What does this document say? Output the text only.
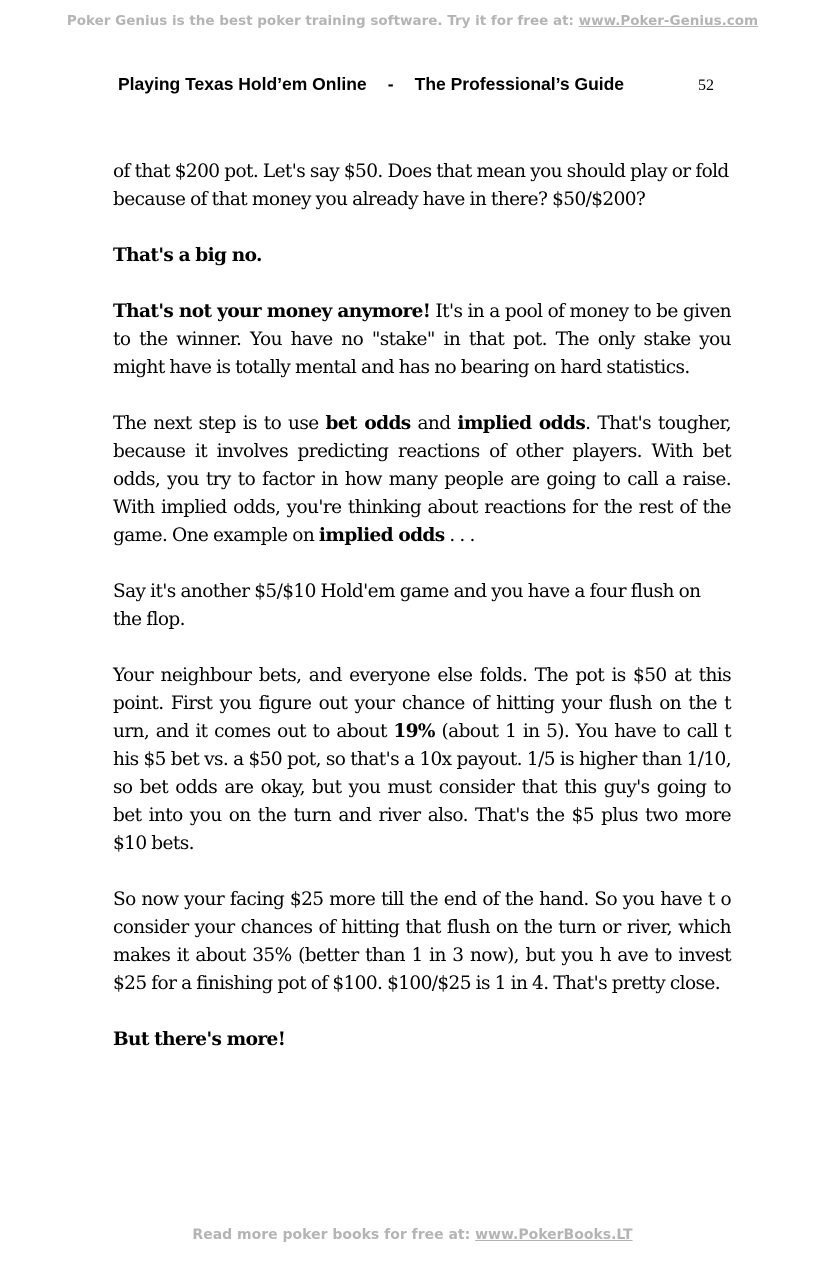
Poker Genius is the best poker training software. Try it for free at: www.Poker-Genius.com
Playing Texas Hold’em Online - The Professional’s Guide	52

of that $200 pot. Let's say $50. Does that mean you should play or fold because of that money you already have in there? $50/$200?

That's a big no.

That's not your money anymore! It's in a pool of money to be given to the winner. You have no "stake" in that pot. The only stake you might have is totally mental and has no bearing on hard statistics.

The next step is to use bet odds and implied odds. That's tougher, because it involves predicting reactions of other players. With bet odds, you try to factor in how many people are going to call a raise. With implied odds, you're thinking about reactions for the rest of the game. One example on implied odds . . .

Say it's another $5/$10 Hold'em game and you have a four flush on the flop.

Your neighbour bets, and everyone else folds. The pot is $50 at this point. First you figure out your chance of hitting your flush on the t urn, and it comes out to about 19% (about 1 in 5). You have to call t his $5 bet vs. a $50 pot, so that's a 10x payout. 1/5 is higher than 1/10, so bet odds are okay, but you must consider that this guy's going to bet into you on the turn and river also. That's the $5 plus two more $10 bets.

So now your facing $25 more till the end of the hand. So you have t o consider your chances of hitting that flush on the turn or river, which makes it about 35% (better than 1 in 3 now), but you h ave to invest $25 for a finishing pot of $100. $100/$25 is 1 in 4. That's pretty close.

But there's more!

Read more poker books for free at: www.PokerBooks.LT
